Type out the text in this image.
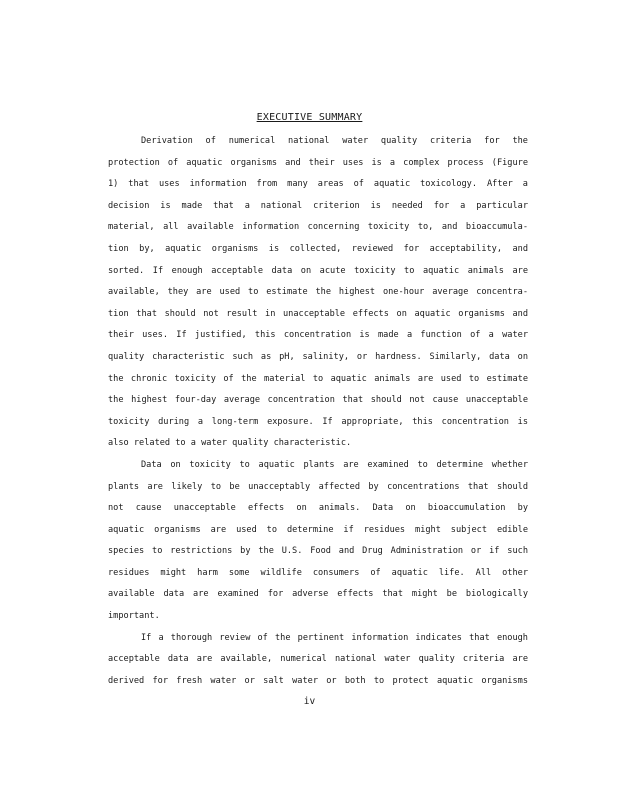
EXECUTIVE SUMMARY
Derivation of numerical national water quality criteria for the
protection of aquatic organisms and their uses is a complex process (Figure
1) that uses information from many areas of aquatic toxicology. After a
decision is made that a national criterion is needed for a particular
material, all available information concerning toxicity to, and bioaccumula-
tion by, aquatic organisms is collected, reviewed for acceptability, and
sorted. If enough acceptable data on acute toxicity to aquatic animals are
available, they are used to estimate the highest one-hour average concentra-
tion that should not result in unacceptable effects on aquatic organisms and
their uses. If justified, this concentration is made a function of a water
quality characteristic such as pH, salinity, or hardness. Similarly, data on
the chronic toxicity of the material to aquatic animals are used to estimate
the highest four-day average concentration that should not cause unacceptable
toxicity during a long-term exposure. If appropriate, this concentration is
also related to a water quality characteristic.
Data on toxicity to aquatic plants are examined to determine whether
plants are likely to be unacceptably affected by concentrations that should
not cause unacceptable effects on animals. Data on bioaccumulation by
aquatic organisms are used to determine if residues might subject edible
species to restrictions by the U.S. Food and Drug Administration or if such
residues might harm some wildlife consumers of aquatic life. All other
available data are examined for adverse effects that might be biologically
important.
If a thorough review of the pertinent information indicates that enough
acceptable data are available, numerical national water quality criteria are
derived for fresh water or salt water or both to protect aquatic organisms
iv
